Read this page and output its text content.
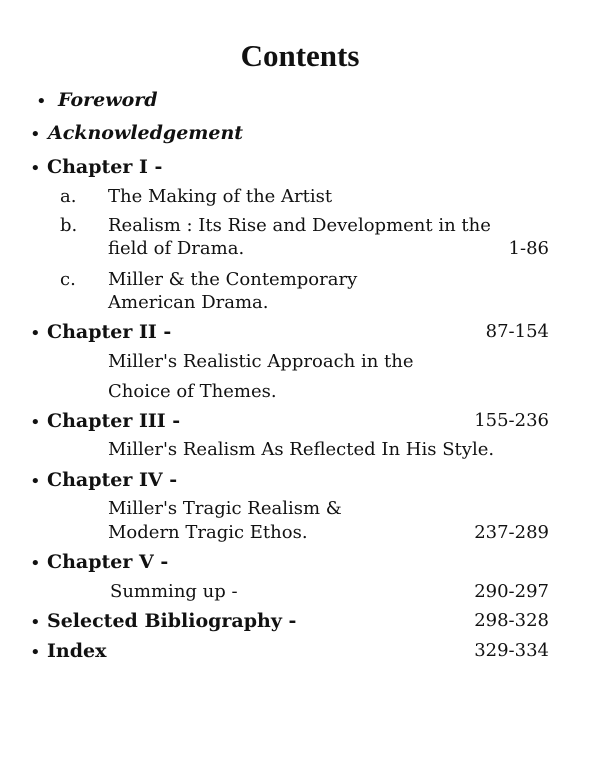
Contents
• Foreword
• Acknowledgement
• Chapter I -
a. The Making of the Artist
b. Realism : Its Rise and Development in the
field of Drama.	1-86
c. Miller & the Contemporary
American Drama.
• Chapter II -	87-154
Miller's Realistic Approach in the
Choice of Themes.
• Chapter III -	155-236
Miller's Realism As Reflected In His Style.
• Chapter IV -
Miller's Tragic Realism &
Modern Tragic Ethos.	237-289
• Chapter V -
Summing up -	290-297
• Selected Bibliography -	298-328
• Index	329-334
